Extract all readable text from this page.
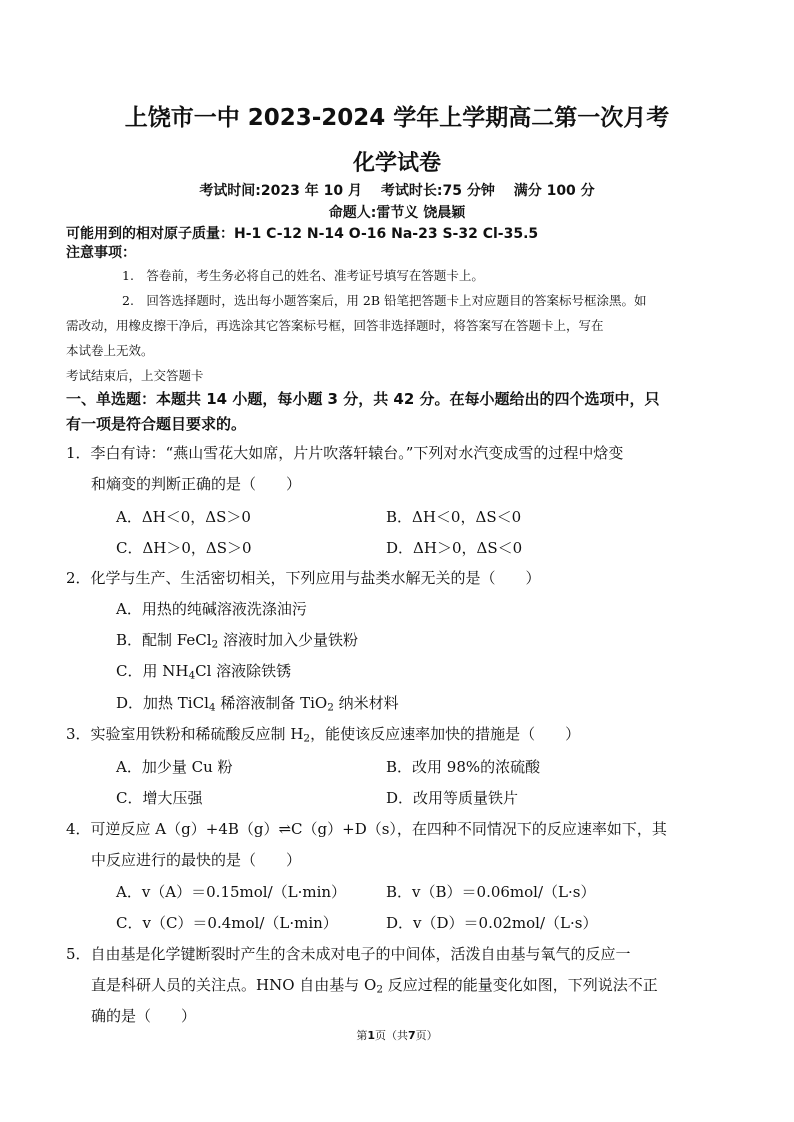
上饶市一中 2023-2024 学年上学期高二第一次月考
化学试卷
考试时间:2023 年 10 月 考试时长:75 分钟 满分 100 分
命题人:雷节义 饶晨颖
可能用到的相对原子质量：H-1 C-12 N-14 O-16 Na-23 S-32 Cl-35.5
注意事项：
1.　答卷前，考生务必将自己的姓名、准考证号填写在答题卡上。
2.　回答选择题时，选出每小题答案后，用 2B 铅笔把答题卡上对应题目的答案标号框涂黑。如
需改动，用橡皮擦干净后，再选涂其它答案标号框，回答非选择题时，将答案写在答题卡上，写在
本试卷上无效。
考试结束后，上交答题卡
一、单选题：本题共 14 小题，每小题 3 分，共 42 分。在每小题给出的四个选项中，只
有一项是符合题目要求的。
1．李白有诗：“燕山雪花大如席，片片吹落轩辕台。”下列对水汽变成雪的过程中焓变
和熵变的判断正确的是（　　）
A．ΔH＜0，ΔS＞0	B．ΔH＜0，ΔS＜0
C．ΔH＞0，ΔS＞0	D．ΔH＞0，ΔS＜0
2．化学与生产、生活密切相关，下列应用与盐类水解无关的是（　　）
A．用热的纯碱溶液洗涤油污
B．配制 FeCl$_2$ 溶液时加入少量铁粉
C．用 $NH_4Cl$ 溶液除铁锈
D．加热 TiCl$_4$ 稀溶液制备 TiO$_2$ 纳米材料
3．实验室用铁粉和稀硫酸反应制 $H_2$，能使该反应速率加快的措施是（　　）
A．加少量 Cu 粉	B．改用 98%的浓硫酸
C．增大压强	D．改用等质量铁片
4．可逆反应 A（g）+4B（g）⇌C（g）+D（s），在四种不同情况下的反应速率如下，其
中反应进行的最快的是（　　）
A．v（A）＝0.15mol/（L·min）	B．v（B）＝0.06mol/（L·s）
C．v（C）＝0.4mol/（L·min）	D．v（D）＝0.02mol/（L·s）
5．自由基是化学键断裂时产生的含未成对电子的中间体，活泼自由基与氧气的反应一
直是科研人员的关注点。HNO 自由基与 $O_2$ 反应过程的能量变化如图，下列说法不正
确的是（　　）
第1页（共7页）
